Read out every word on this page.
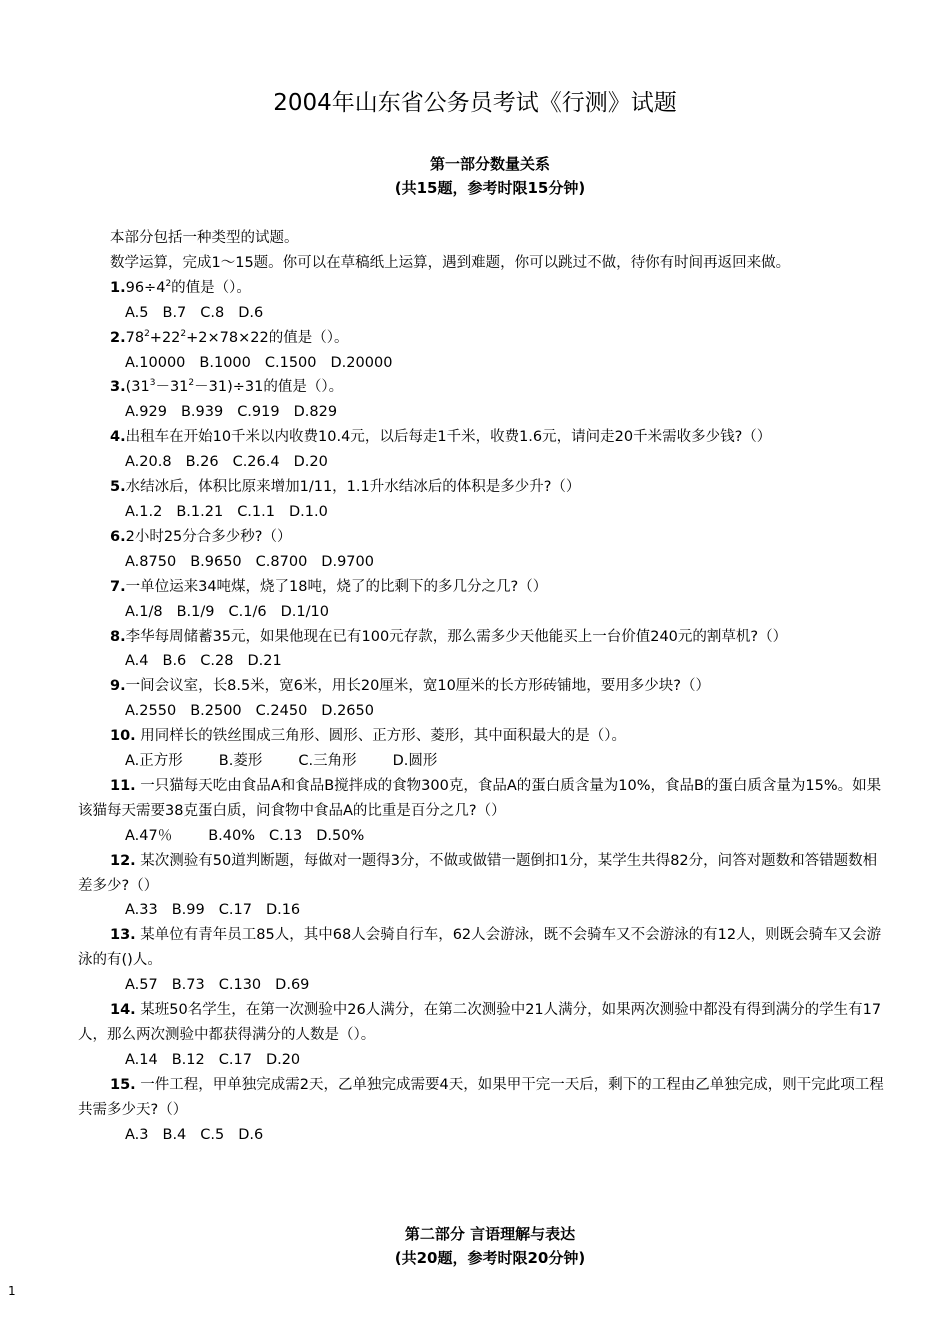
2004年山东省公务员考试《行测》试题
第一部分数量关系
(共15题，参考时限15分钟)

本部分包括一种类型的试题。

数学运算，完成1～15题。你可以在草稿纸上运算，遇到难题，你可以跳过不做，待你有时间再返回来做。

$1.96\div 4^2$的值是（）。

A.5 B.7 C.8 D.6

$2.78^2+22^2+2\times 78\times 22$的值是（）。

A.10000 B.1000 C.1500 D.20000

$3.(31^3-31^2-31)\div 31$的值是（）。

A.929 B.939 C.919 D.829

4.出租车在开始10千米以内收费10.4元，以后每走1千米，收费1.6元，请问走20千米需收多少钱?（）

A.20.8 B.26 C.26.4 D.20

5.水结冰后，体积比原来增加1/11，1.1升水结冰后的体积是多少升?（）

A.1.2 B.1.21 C.1.1 D.1.0

6.2小时25分合多少秒?（）

A.8750 B.9650 C.8700 D.9700

7.一单位运来34吨煤，烧了18吨，烧了的比剩下的多几分之几?（）

A.1/8 B.1/9 C.1/6 D.1/10

8.李华每周储蓄35元，如果他现在已有100元存款，那么需多少天他能买上一台价值240元的割草机?（）

A.4 B.6 C.28 D.21

9.一间会议室，长8.5米，宽6米，用长20厘米，宽10厘米的长方形砖铺地，要用多少块?（）

A.2550 B.2500 C.2450 D.2650

10. 用同样长的铁丝围成三角形、圆形、正方形、菱形，其中面积最大的是（）。

A.正方形 B.菱形 C.三角形 D.圆形

11. 一只猫每天吃由食品A和食品B搅拌成的食物300克，食品A的蛋白质含量为10%，食品B的蛋白质含量为15%。如果该猫每天需要38克蛋白质，问食物中食品A的比重是百分之几?（）

A.47％ B.40% C.13 D.50%

12. 某次测验有50道判断题，每做对一题得3分，不做或做错一题倒扣1分，某学生共得82分，问答对题数和答错题数相差多少?（）

A.33 B.99 C.17 D.16

13. 某单位有青年员工85人，其中68人会骑自行车，62人会游泳，既不会骑车又不会游泳的有12人，则既会骑车又会游泳的有()人。

A.57 B.73 C.130 D.69

14. 某班50名学生，在第一次测验中26人满分，在第二次测验中21人满分，如果两次测验中都没有得到满分的学生有17人，那么两次测验中都获得满分的人数是（）。

A.14 B.12 C.17 D.20

15. 一件工程，甲单独完成需2天，乙单独完成需要4天，如果甲干完一天后，剩下的工程由乙单独完成，则干完此项工程共需多少天?（）

A.3 B.4 C.5 D.6

第二部分 言语理解与表达
(共20题，参考时限20分钟)
1
